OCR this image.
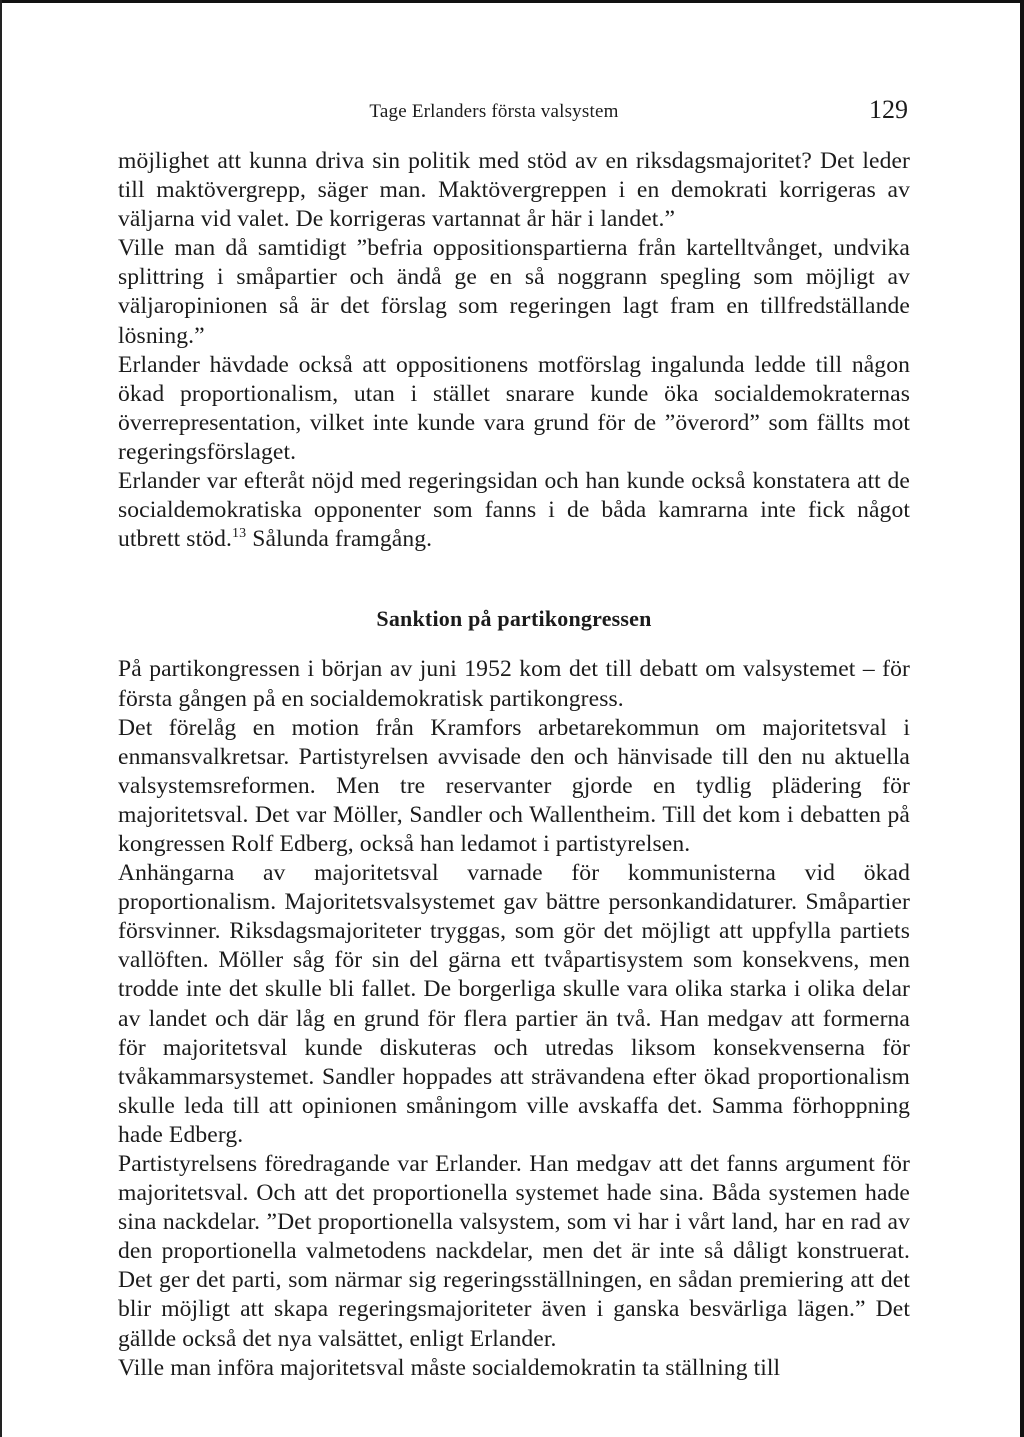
Tage Erlanders första valsystem	129

möjlighet att kunna driva sin politik med stöd av en riksdagsmajoritet? Det leder till maktövergrepp, säger man. Maktövergreppen i en demokrati korrigeras av väljarna vid valet. De korrigeras vartannat år här i landet.”

Ville man då samtidigt ”befria oppositionspartierna från kartelltvånget, undvika splittring i småpartier och ändå ge en så noggrann spegling som möjligt av väljaropinionen så är det förslag som regeringen lagt fram en tillfredställande lösning.”

Erlander hävdade också att oppositionens motförslag ingalunda ledde till någon ökad proportionalism, utan i stället snarare kunde öka socialdemokraternas överrepresentation, vilket inte kunde vara grund för de ”överord” som fällts mot regeringsförslaget.

Erlander var efteråt nöjd med regeringsidan och han kunde också konstatera att de socialdemokratiska opponenter som fanns i de båda kamrarna inte fick något utbrett stöd.$^{13}$ Sålunda framgång.

Sanktion på partikongressen

På partikongressen i början av juni 1952 kom det till debatt om valsystemet – för första gången på en socialdemokratisk partikongress.

Det förelåg en motion från Kramfors arbetarekommun om majoritetsval i enmansvalkretsar. Partistyrelsen avvisade den och hänvisade till den nu aktuella valsystemsreformen. Men tre reservanter gjorde en tydlig plädering för majoritetsval. Det var Möller, Sandler och Wallentheim. Till det kom i debatten på kongressen Rolf Edberg, också han ledamot i partistyrelsen.

Anhängarna av majoritetsval varnade för kommunisterna vid ökad proportionalism. Majoritetsvalsystemet gav bättre personkandidaturer. Småpartier försvinner. Riksdagsmajoriteter tryggas, som gör det möjligt att uppfylla partiets vallöften. Möller såg för sin del gärna ett tvåpartisystem som konsekvens, men trodde inte det skulle bli fallet. De borgerliga skulle vara olika starka i olika delar av landet och där låg en grund för flera partier än två. Han medgav att formerna för majoritetsval kunde diskuteras och utredas liksom konsekvenserna för tvåkammarsystemet. Sandler hoppades att strävandena efter ökad proportionalism skulle leda till att opinionen småningom ville avskaffa det. Samma förhoppning hade Edberg.

Partistyrelsens föredragande var Erlander. Han medgav att det fanns argument för majoritetsval. Och att det proportionella systemet hade sina. Båda systemen hade sina nackdelar. ”Det proportionella valsystem, som vi har i vårt land, har en rad av den proportionella valmetodens nackdelar, men det är inte så dåligt konstruerat. Det ger det parti, som närmar sig regeringsställningen, en sådan premiering att det blir möjligt att skapa regeringsmajoriteter även i ganska besvärliga lägen.” Det gällde också det nya valsättet, enligt Erlander.

Ville man införa majoritetsval måste socialdemokratin ta ställning till
